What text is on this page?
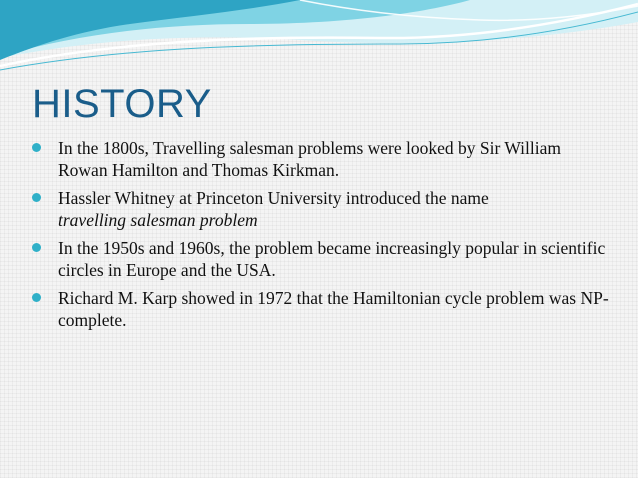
HISTORY
In the 1800s, Travelling salesman problems were looked by Sir William Rowan Hamilton and Thomas Kirkman.
Hassler Whitney at Princeton University introduced the name
travelling salesman problem
In the 1950s and 1960s, the problem became increasingly popular in scientific circles in Europe and the USA.
Richard M. Karp showed in 1972 that the Hamiltonian cycle problem was NP-complete.
